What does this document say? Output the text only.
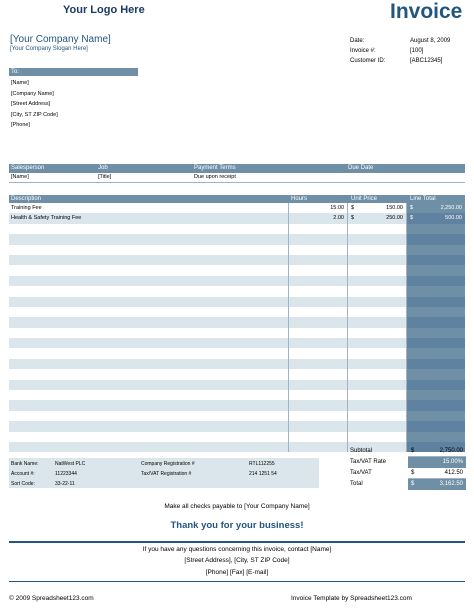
Your Logo Here	Invoice
[Your Company Name]
[Your Company Slogan Here]
Date:	August 8, 2009
Invoice #:	[100]
Customer ID:	[ABC12345]
To:
[Name]
[Company Name]
[Street Address]
[City, ST ZIP Code]
[Phone]
Salesperson	Job	Payment Terms	Due Date
[Name]	[Title]	Due upon receipt
Description	Hours	Unit Price	Line Total
Training Fee	15.00	$	150.00 $	2,250.00
Health & Safety Training Fee	2.00	$	250.00 $	500.00
Bank Name:	NatWest PLC
Account #:	11223344
Sort Code:	33-22-11
Company Registration #	RTL112255
Tax/VAT Registration #	214 1251 54
Subtotal	$	2,750.00
Tax/VAT Rate	15.00%
Tax/VAT	$	412.50
Total	$	3,162.50
Make all checks payable to [Your Company Name]
Thank you for your business!
If you have any questions concerning this invoice, contact [Name]
[Street Address], [City, ST ZIP Code]
[Phone] [Fax] [E-mail]
© 2009 Spreadsheet123.com	Invoice Template by Spreadsheet123.com
